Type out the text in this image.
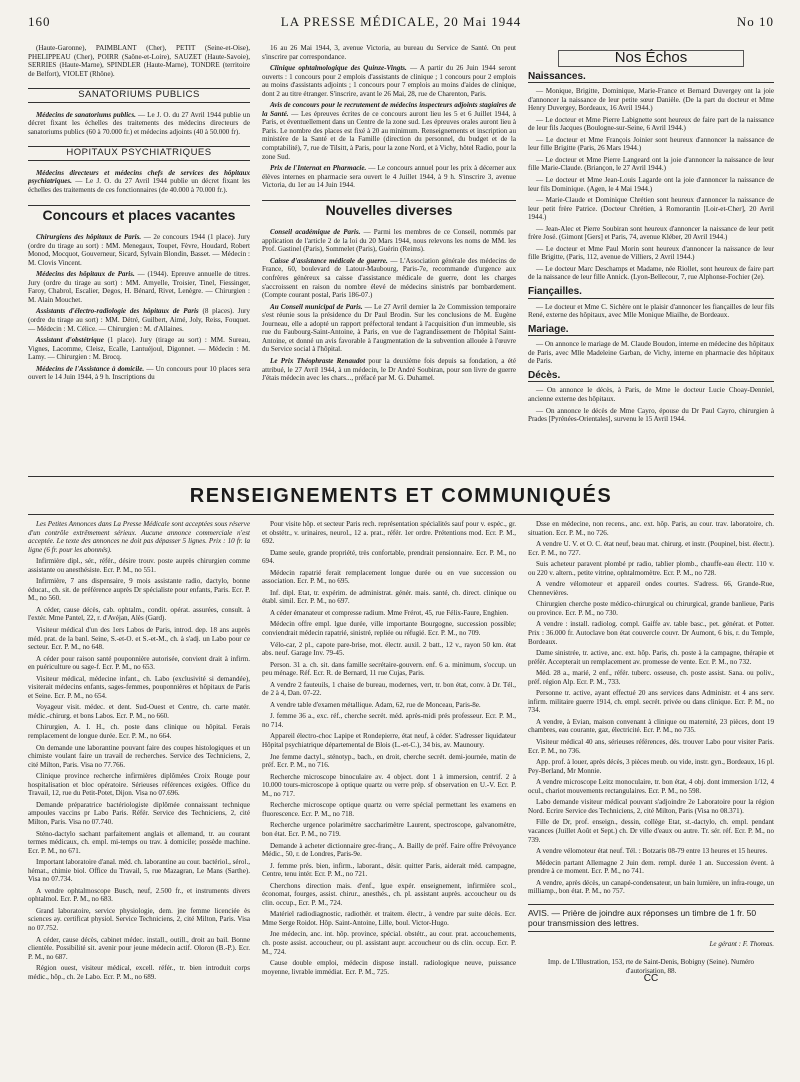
160	LA PRESSE MÉDICALE, 20 Mai 1944	No 10

(Haute-Garonne), PAIMBLANT (Cher), PETIT (Seine-et-Oise), PHELIPPEAU (Cher), POIRR (Saône-et-Loire), SAUZET (Haute-Savoie), SERRIES (Haute-Marne), SPINDLER (Haute-Marne), TONDRE (territoire de Belfort), VIOLET (Rhône).

SANATORIUMS PUBLICS

Médecins de sanatoriums publics. — Le J. O. du 27 Avril 1944 publie un décret fixant les échelles des traitements des médecins directeurs de sanatoriums publics (60 à 70.000 fr.) et médecins adjoints (40 à 50.000 fr).

HOPITAUX PSYCHIATRIQUES

Médecins directeurs et médecins chefs de services des hôpitaux psychiatriques. — Le J. O. du 27 Avril 1944 publie un décret fixant les échelles des traitements de ces fonctionnaires (de 40.000 à 70.000 fr.).

Concours et places vacantes

Chirurgiens des hôpitaux de Paris. — 2e concours 1944 (1 place). Jury (ordre du tirage au sort) : MM. Menegaux, Toupet, Fèvre, Houdard, Robert Monod, Mocquot, Gouverneur, Sicard, Sylvain Blondin, Basset. — Médecin : M. Clovis Vincent.

Médecins des hôpitaux de Paris. — (1944). Epreuve annuelle de titres. Jury (ordre du tirage au sort) : MM. Amyelle, Troisier, Tinel, Fiessinger, Faroy, Chabrol, Escalier, Degos, H. Bénard, Rivet, Lenègre. — Chirurgien : M. Alain Mouchet.

Assistants d'électro-radiologie des hôpitaux de Paris (8 places). Jury (ordre du tirage au sort) : MM. Détré, Guilbert, Aimé, Joly, Reiss, Fouquet. — Médecin : M. Célice. — Chirurgien : M. d'Allaines.

Assistant d'obstétrique (1 place). Jury (tirage au sort) : MM. Sureau, Vignes, Lacomme, Cleisz, Ecalle, Lantuéjoul, Digonnet. — Médecin : M. Lamy. — Chirurgien : M. Brocq.

Médecins de l'Assistance à domicile. — Un concours pour 10 places sera ouvert le 14 Juin 1944, à 9 h. Inscriptions du

16 au 26 Mai 1944, 3, avenue Victoria, au bureau du Service de Santé. On peut s'inscrire par correspondance.

Clinique ophtalmologique des Quinze-Vingts. — A partir du 26 Juin 1944 seront ouverts : 1 concours pour 2 emplois d'assistants de clinique ; 1 concours pour 2 emplois au moins d'assistants adjoints ; 1 concours pour 7 emplois au moins d'aides de clinique, dont 2 au titre étranger. S'inscrire, avant le 26 Mai, 28, rue de Charenton, Paris.

Avis de concours pour le recrutement de médecins inspecteurs adjoints stagiaires de la Santé. — Les épreuves écrites de ce concours auront lieu les 5 et 6 Juillet 1944, à Paris, et éventuellement dans un Centre de la zone sud. Les épreuves orales auront lieu à Paris. Le nombre des places est fixé à 20 au minimum. Renseignements et inscription au ministère de la Santé et de la Famille (direction du personnel, du budget et de la comptabilité), 7, rue de Tilsitt, à Paris, pour la zone Nord, et à Vichy, hôtel Radio, pour la zone Sud.

Prix de l'Internat en Pharmacie. — Le concours annuel pour les prix à décerner aux élèves internes en pharmacie sera ouvert le 4 Juillet 1944, à 9 h. S'inscrire 3, avenue Victoria, du 1er au 14 Juin 1944.

Nouvelles diverses

Conseil académique de Paris. — Parmi les membres de ce Conseil, nommés par application de l'article 2 de la loi du 20 Mars 1944, nous relevons les noms de MM. les Prof. Gastinel (Paris), Sommelet (Paris), Guérin (Reims).

Caisse d'assistance médicale de guerre. — L'Association générale des médecins de France, 60, boulevard de Latour-Maubourg, Paris-7e, recommande d'urgence aux confrères généreux sa caisse d'assistance médicale de guerre, dont les charges s'accroissent en raison du nombre élevé de médecins sinistrés par bombardement. (Compte courant postal, Paris 186-07.)

Au Conseil municipal de Paris. — Le 27 Avril dernier la 2e Commission temporaire s'est réunie sous la présidence du Dr Paul Brodin. Sur les conclusions de M. Eugène Journeau, elle a adopté un rapport préfectoral tendant à l'acquisition d'un immeuble, sis rue du Faubourg-Saint-Antoine, à Paris, en vue de l'agrandissement de l'hôpital Saint-Antoine, et donné un avis favorable à l'augmentation de la subvention allouée à l'œuvre du Service social à l'hôpital.

Le Prix Théophraste Renaudot pour la deuxième fois depuis sa fondation, a été attribué, le 27 Avril 1944, à un médecin, le Dr André Soubiran, pour son livre de guerre J'étais médecin avec les chars..., préfacé par M. G. Duhamel.

Nos Échos
Naissances.

— Monique, Brigitte, Dominique, Marie-France et Bernard Duvergey ont la joie d'annoncer la naissance de leur petite sœur Danièle. (De la part du docteur et Mme Henry Duvergey, Bordeaux, 16 Avril 1944.)

— Le docteur et Mme Pierre Labignette sont heureux de faire part de la naissance de leur fils Jacques (Boulogne-sur-Seine, 6 Avril 1944.)

— Le docteur et Mme François Joinier sont heureux d'annoncer la naissance de leur fille Brigitte (Paris, 26 Mars 1944.)

— Le docteur et Mme Pierre Langeard ont la joie d'annoncer la naissance de leur fille Marie-Claude. (Briançon, le 27 Avril 1944.)

— Le docteur et Mme Jean-Louis Lagarde ont la joie d'annoncer la naissance de leur fils Dominique. (Agen, le 4 Mai 1944.)

— Marie-Claude et Dominique Chrétien sont heureux d'annoncer la naissance de leur petit frère Patrice. (Docteur Chrétien, à Romorantin [Loir-et-Cher], 20 Avril 1944.)

— Jean-Alec et Pierre Soubiran sont heureux d'annoncer la naissance de leur petit frère José. (Gimont [Gers] et Paris, 74, avenue Kléber, 20 Avril 1944.)

— Le docteur et Mme Paul Morin sont heureux d'annoncer la naissance de leur fille Brigitte, (Paris, 112, avenue de Villiers, 2 Avril 1944.)

— Le docteur Marc Deschamps et Madame, née Riollet, sont heureux de faire part de la naissance de leur fille Annick. (Lyon-Bellecour, 7, rue Alphonse-Fochier (2e).

Fiançailles.

— Le docteur et Mme C. Sichère ont le plaisir d'annoncer les fiançailles de leur fils René, externe des hôpitaux, avec Mlle Monique Miailhe, de Bordeaux.

Mariage.

— On annonce le mariage de M. Claude Boudon, interne en médecine des hôpitaux de Paris, avec Mlle Madeleine Garban, de Vichy, interne en pharmacie des hôpitaux de Paris.

Décès.

— On annonce le décès, à Paris, de Mme le docteur Lucie Choay-Denniel, ancienne externe des hôpitaux.

— On annonce le décès de Mme Cayro, épouse du Dr Paul Cayro, chirurgien à Prades [Pyrénées-Orientales], survenu le 15 Avril 1944.

RENSEIGNEMENTS ET COMMUNIQUÉS

Les Petites Annonces dans La Presse Médicale sont acceptées sous réserve d'un contrôle extrêmement sérieux. Aucune annonce commerciale n'est acceptée. Le texte des annonces ne doit pas dépasser 5 lignes. Prix : 10 fr. la ligne (6 fr. pour les abonnés).

Infirmière dipl., sér., référ., désire trouv. poste auprès chirurgien comme assistante ou anesthésiste. Ecr. P. M., no 551.

Infirmière, 7 ans dispensaire, 9 mois assistante radio, dactylo, bonne éducat., ch. sit. de préférence auprès Dr spécialiste pour enfants, Paris. Ecr. P. M., no 560.

A céder, cause décès, cab. ophtalm., condit. opérat. assurées, consult. à l'extér. Mme Pantel, 22, r. d'Avéjan, Alès (Gard).

Visiteur médical d'un des 1ers Labos de Paris, introd. dep. 18 ans auprès méd. prat. de la banl. Seine, S.-et-O. et S.-et-M., ch. à s'adj. un Labo pour ce secteur. Ecr. P. M., no 648.

A céder pour raison santé pouponnière autorisée, convient drait à infirm. en puériculture ou sage-f. Ecr. P. M., no 653.

Visiteur médical, médecine infant., ch. Labo (exclusivité si demandée), visiterait médecins enfants, sages-femmes, pouponnières et hôpitaux de Paris et Seine. Ecr. P. M., no 654.

Voyageur visit. médec. et dent. Sud-Ouest et Centre, ch. carte matér. médic.-chirurg. et bons Labos. Ecr. P. M., no 660.

Chirurgien, A. I. H., ch. poste dans clinique ou hôpital. Ferais remplacement de longue durée. Ecr. P. M., no 664.

On demande une laborantine pouvant faire des coupes histologiques et un chimiste voulant faire un travail de recherches. Service des Techniciens, 2, cité Milton, Paris. Visa no 77.766.

Clinique province recherche infirmières diplômées Croix Rouge pour hospitalisation et bloc opératoire. Sérieuses références exigées. Office du Travail, 12, rue du Petit-Potet, Dijon. Visa no 07.696.

Demande préparatrice bactériologiste diplômée connaissant technique ampoules vaccins pr Labo Paris. Référ. Service des Techniciens, 2, cité Milton, Paris. Visa no 07.740.

Sténo-dactylo sachant parfaitement anglais et allemand, tr. au courant termes médicaux, ch. empl. mi-temps ou trav. à domicile; possède machine. Ecr. P. M., no 671.

Important laboratoire d'anal. méd. ch. laborantine au cour. bactériol., sérol., hémat., chimie biol. Office du Travail, 5, rue Mazagran, Le Mans (Sarthe). Visa no 07.734.

A vendre ophtalmoscope Busch, neuf, 2.500 fr., et instruments divers ophtalmol. Ecr. P. M., no 683.

Grand laboratoire, service physiologie, dem. jne femme licenciée ès sciences ay. certificat physiol. Service Techniciens, 2, cité Milton, Paris. Visa no 07.752.

A céder, cause décès, cabinet médec. install., outill., droit au bail. Bonne clientèle. Possibilité sit. avenir pour jeune médecin actif. Oloron (B.-P.). Ecr. P. M., no 687.

Région ouest, visiteur médical, excell. référ., tr. bien introduit corps médic., hôp., ch. 2e Labo. Ecr. P. M., no 689.

Pour visite hôp. et secteur Paris rech. représentation spécialités sauf pour v. espéc., gr. et obstétr., v. urinaires, neurol., 12 a. prat., référ. 1er ordre. Prétentions mod. Ecr. P. M., 692.

Dame seule, grande propriété, très confortable, prendrait pensionnaire. Ecr. P. M., no 694.

Médecin rapatrié ferait remplacement longue durée ou en vue succession ou association. Ecr. P. M., no 695.

Inf. dipl. Etat, tr. expérim. de administrat. génér. mais. santé, ch. direct. clinique ou établ. simil. Ecr. P. M., no 697.

A céder émanateur et compresse radium. Mme Frérot, 45, rue Félix-Faure, Enghien.

Médecin offre empl. lgue durée, ville importante Bourgogne, succession possible; conviendrait médecin rapatrié, sinistré, repliée ou réfugié. Ecr. P. M., no 709.

Vélo-car, 2 pl., capote pare-brise, mot. électr. auxil. 2 batt., 12 v., rayon 50 km. état abs. neuf. Garage Inv. 79-45.

Person. 31 a. ch. sit. dans famille secrétaire-gouvern. enf. 6 a. minimum, s'occup. un peu ménage. Réf. Ecr. R. de Bernard, 11 rue Cujas, Paris.

A vendre 2 fauteuils, 1 chaise de bureau, modernes, vert, tr. bon état, conv. à Dr. Tél., de 2 à 4, Dan. 07-22.

A vendre table d'examen métallique. Adam, 62, rue de Monceau, Paris-8e.

J. femme 36 a., exc. réf., cherche secrét. méd. après-midi prés professeur. Ecr. P. M., no 714.

Appareil électro-choc Lapipe et Rondepierre, état neuf, à céder. S'adresser liquidateur Hôpital psychiatrique départemental de Blois (L.-et-C.), 34 bis, av. Maunoury.

Jne femme dactyl., sténotyp., bach., en droit, cherche secrét. demi-journée, matin de préf. Ecr. P. M., no 716.

Recherche microscope binoculaire av. 4 object. dont 1 à immersion, centrif. 2 à 10.000 tours-microscope à optique quartz ou verre prép. sf observation en U.-V. Ecr. P. M., no 717.

Recherche microscope optique quartz ou verre spécial permettant les examens en fluorescence. Ecr. P. M., no 718.

Recherche urgence polarimètre saccharimètre Laurent, spectroscope, galvanomètre, bon état. Ecr. P. M., no 719.

Demande à acheter dictionnaire grec-franç., A. Bailly de préf. Faire offre Prévoyance Médic., 50, r. de Londres, Paris-9e.

J. femme prés. bien, infirm., laborant., désir. quitter Paris, aiderait méd. campagne, Centre, tenu intér. Ecr. P. M., no 721.

Cherchons direction mais. d'enf., lgue expér. enseignement, infirmière scol., économat, fourges, assist. chirur., anesthés., ch. pl. assistant auprès. accoucheur ou ds clin. occup., Ecr. P. M., 724.

Matériel radiodiagnostic, radiothér. et traitem. électr., à vendre par suite décès. Ecr. Mme Serge Roidot. Hôp. Saint-Antoine, Lille, boul. Victor-Hugo.

Jne médecin, anc. int. hôp. province, spécial. obstétr., au cour. prat. accouchements, ch. poste assist. accoucheur, ou pl. assistant aupr. accoucheur ou ds clin. occup. Ecr. P. M., 724.

Cause double emploi, médecin dispose install. radiologique neuve, puissance moyenne, livrable immédiat. Ecr. P. M., 725.

Dsse en médecine, non recens., anc. ext. hôp. Paris, au cour. trav. laboratoire, ch. situation. Ecr. P. M., no 726.

A vendre U. V. et O. C. état neuf, beau mat. chirurg. et instr. (Poupinel, bist. électr.). Ecr. P. M., no 727.

Suis acheteur paravent plombé pr radio, tablier plomb., chauffe-eau électr. 110 v. ou 220 v. altern., petite vitrine, ophtalmomètre. Ecr. P. M., no 728.

A vendre vélomoteur et appareil ondes courtes. S'adress. 66, Grande-Rue, Chennevières.

Chirurgien cherche poste médico-chirurgical ou chirurgical, grande banlieue, Paris ou province. Ecr. P. M., no 730.

A vendre : install. radiolog. compl. Gaiffe av. table basc., pet. générat. et Potter. Prix : 36.000 fr. Autoclave bon état couvercle couvr. Dr Aumont, 6 bis, r. du Temple, Bordeaux.

Dame sinistrée, tr. active, anc. ext. hôp. Paris, ch. poste à la campagne, thérapie et préfér. Accepterait un remplacement av. promesse de vente. Ecr. P. M., no 732.

Méd. 28 a., marié, 2 enf., référ. tuberc. osseuse, ch. poste assist. Sana. ou poliv., préf. région Alp. Ecr. P. M., 733.

Personne tr. active, ayant effectué 20 ans services dans Administr. et 4 ans serv. infirm. militaire guerre 1914, ch. empl. secrét. privée ou dans clinique. Ecr. P. M., no 734.

A vendre, à Evian, maison convenant à clinique ou maternité, 23 pièces, dont 19 chambres, eau courante, gaz, électricité. Ecr. P. M., no 735.

Visiteur médical 40 ans, sérieuses références, dés. trouver Labo pour visiter Paris. Ecr. P. M., no 736.

App. prof. à louer, après décès, 3 pièces meub. ou vide, instr. gyn., Bordeaux, 16 pl. Pey-Berland, Mr Monnie.

A vendre microscope Leitz monoculaire, tr. bon état, 4 obj. dont immersion 1/12, 4 ocul., chariot mouvements rectangulaires. Ecr. P. M., no 598.

Labo demande visiteur médical pouvant s'adjoindre 2e Laboratoire pour la région Nord. Ecrire Service des Techniciens, 2, cité Milton, Paris (Visa no 08.371).

Fille de Dr, prof. enseign., dessin, collège Etat, st.-dactylo, ch. empl. pendant vacances (Juillet Août et Sept.) ch. Dr ville d'eaux ou autre. Tr. sér. réf. Ecr. P. M., no 739.

A vendre vélomoteur état neuf. Tél. : Botzaris 08-79 entre 13 heures et 15 heures.

Médecin partant Allemagne 2 Juin dem. rempl. durée 1 an. Succession évent. à prendre à ce moment. Ecr. P. M., no 741.

A vendre, après décès, un canapé-condensateur, un bain lumière, un infra-rouge, un milliamp., bon état. P. M., no 757.

AVIS. — Prière de joindre aux réponses un timbre de 1 fr. 50 pour transmission des lettres.
Le gérant : F. Thomas.
Imp. de L'Illustration, 153, rte de Saint-Denis, Bobigny (Seine). Numéro d'autorisation, 88.
CC
